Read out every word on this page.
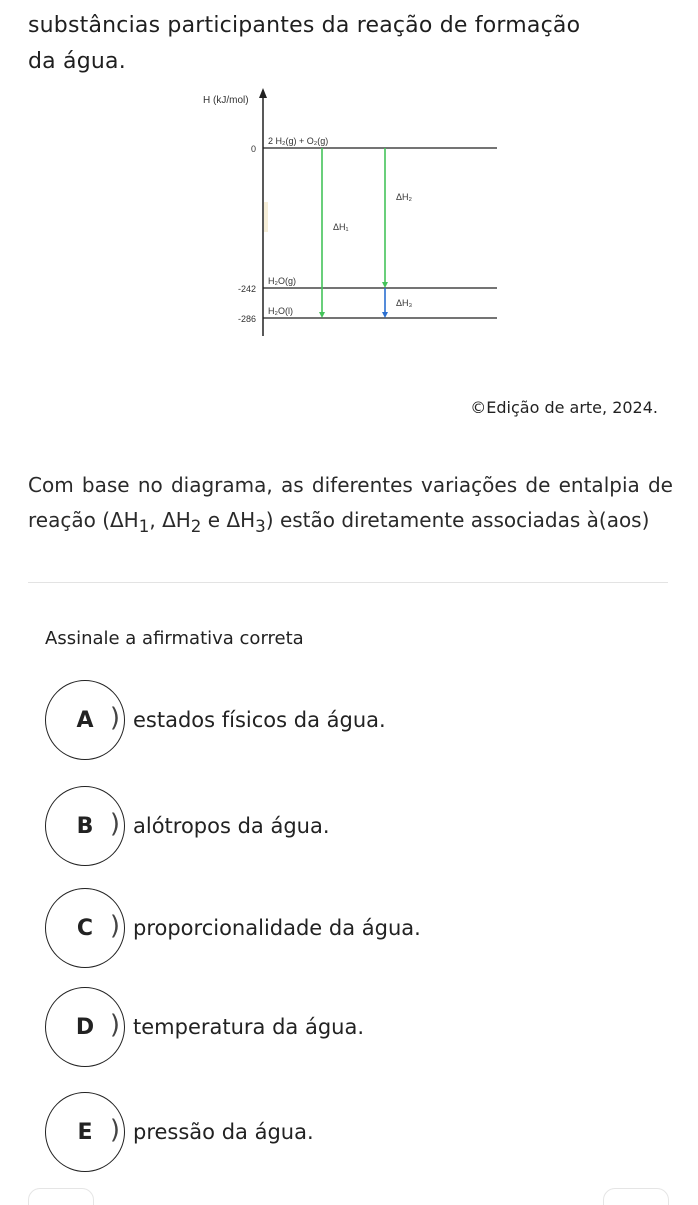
substâncias participantes da reação de formação
da água.
H (kJ/mol)
0
2 H₂(g) + O₂(g)
-242
H₂O(g)
-286
H₂O(l)
ΔH₁
ΔH₂
ΔH₃
©Edição de arte, 2024.
Com base no diagrama, as diferentes variações de entalpia de reação ($\Delta H_1$, $\Delta H_2$ e $\Delta H_3$) estão diretamente associadas à(aos)
Assinale a afirmativa correta
A ) estados físicos da água.
B ) alótropos da água.
C ) proporcionalidade da água.
D ) temperatura da água.
E ) pressão da água.
